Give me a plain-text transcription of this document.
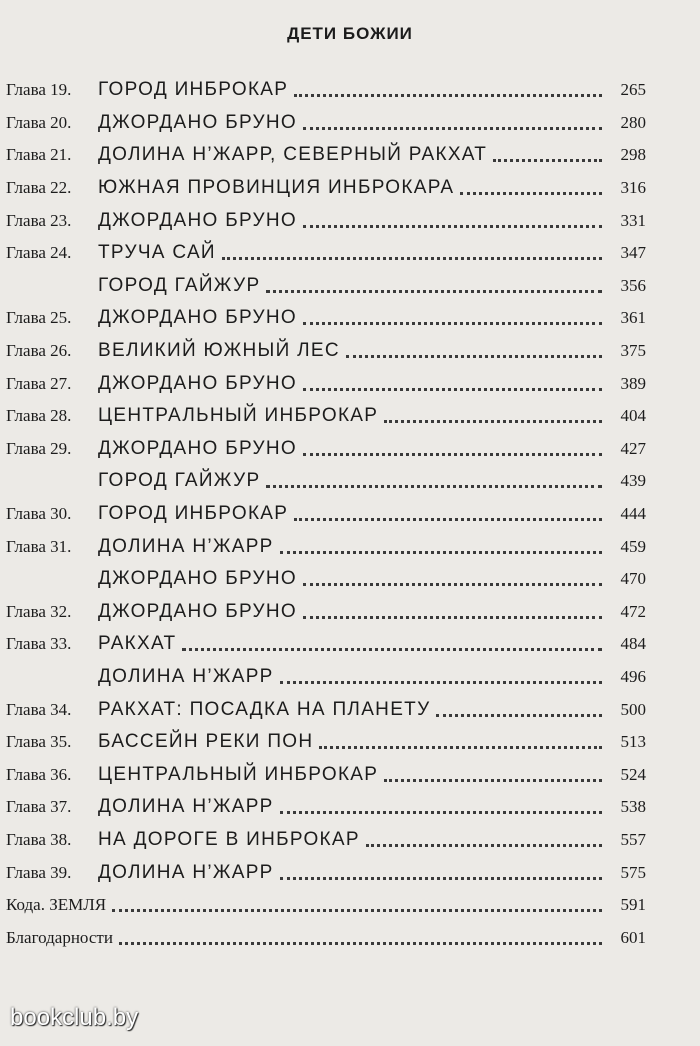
ДЕТИ БОЖИИ
Глава 19.	ГОРОД ИНБРОКАР	265
Глава 20.	ДЖОРДАНО БРУНО	280
Глава 21.	ДОЛИНА Н’ЖАРР, СЕВЕРНЫЙ РАКХАТ	298
Глава 22.	ЮЖНАЯ ПРОВИНЦИЯ ИНБРОКАРА	316
Глава 23.	ДЖОРДАНО БРУНО	331
Глава 24.	ТРУЧА САЙ	347
ГОРОД ГАЙЖУР	356
Глава 25.	ДЖОРДАНО БРУНО	361
Глава 26.	ВЕЛИКИЙ ЮЖНЫЙ ЛЕС	375
Глава 27.	ДЖОРДАНО БРУНО	389
Глава 28.	ЦЕНТРАЛЬНЫЙ ИНБРОКАР	404
Глава 29.	ДЖОРДАНО БРУНО	427
ГОРОД ГАЙЖУР	439
Глава 30.	ГОРОД ИНБРОКАР	444
Глава 31.	ДОЛИНА Н’ЖАРР	459
ДЖОРДАНО БРУНО	470
Глава 32.	ДЖОРДАНО БРУНО	472
Глава 33.	РАКХАТ	484
ДОЛИНА Н’ЖАРР	496
Глава 34.	РАКХАТ: ПОСАДКА НА ПЛАНЕТУ	500
Глава 35.	БАССЕЙН РЕКИ ПОН	513
Глава 36.	ЦЕНТРАЛЬНЫЙ ИНБРОКАР	524
Глава 37.	ДОЛИНА Н’ЖАРР	538
Глава 38.	НА ДОРОГЕ В ИНБРОКАР	557
Глава 39.	ДОЛИНА Н’ЖАРР	575
Кода. ЗЕМЛЯ	591
Благодарности	601
bookclub.by
